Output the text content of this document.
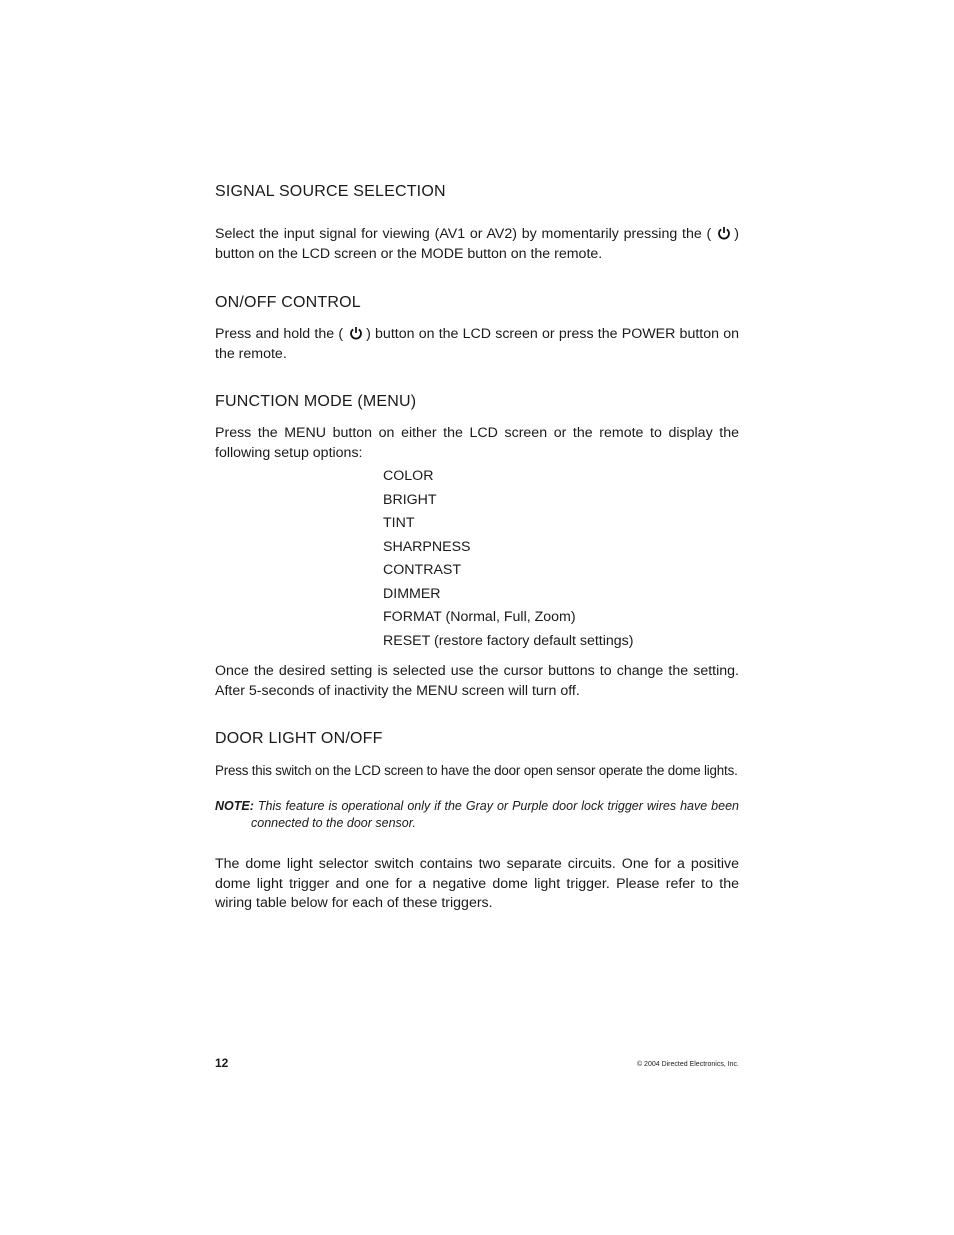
SIGNAL SOURCE SELECTION

Select the input signal for viewing (AV1 or AV2) by momentarily pressing the ( ) button on the LCD screen or the MODE button on the remote.

ON/OFF CONTROL

Press and hold the ( ) button on the LCD screen or press the POWER button on the remote.

FUNCTION MODE (MENU)

Press the MENU button on either the LCD screen or the remote to display the following setup options:

COLOR
BRIGHT
TINT
SHARPNESS
CONTRAST
DIMMER
FORMAT (Normal, Full, Zoom)
RESET (restore factory default settings)

Once the desired setting is selected use the cursor buttons to change the setting. After 5-seconds of inactivity the MENU screen will turn off.

DOOR LIGHT ON/OFF

Press this switch on the LCD screen to have the door open sensor operate the dome lights.

NOTE: This feature is operational only if the Gray or Purple door lock trigger wires have been connected to the door sensor.

The dome light selector switch contains two separate circuits. One for a positive dome light trigger and one for a negative dome light trigger. Please refer to the wiring table below for each of these triggers.

12	© 2004 Directed Electronics, Inc.
